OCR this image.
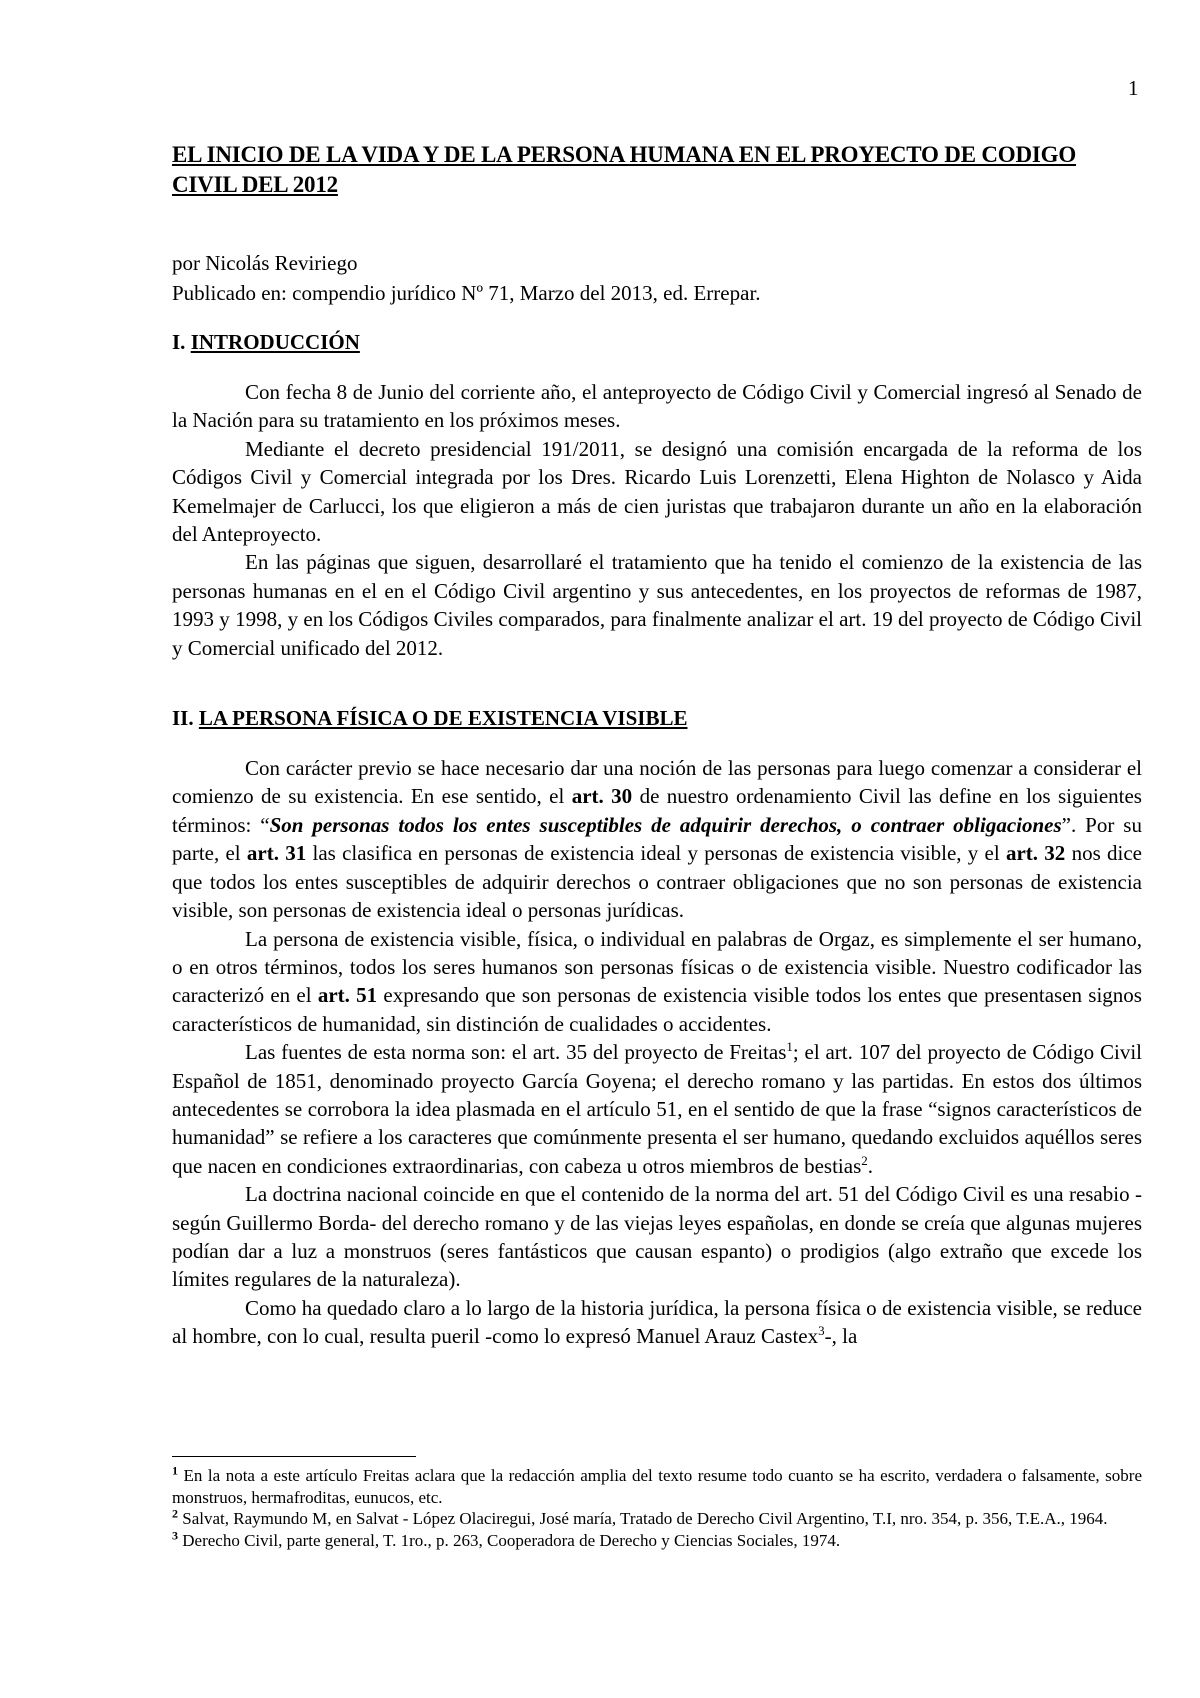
1
EL INICIO DE LA VIDA Y DE LA PERSONA HUMANA EN EL PROYECTO DE CODIGO CIVIL DEL 2012
por Nicolás Reviriego
Publicado en: compendio jurídico Nº 71, Marzo del 2013, ed. Errepar.
I. INTRODUCCIÓN

Con fecha 8 de Junio del corriente año, el anteproyecto de Código Civil y Comercial ingresó al Senado de la Nación para su tratamiento en los próximos meses.

Mediante el decreto presidencial 191/2011, se designó una comisión encargada de la reforma de los Códigos Civil y Comercial integrada por los Dres. Ricardo Luis Lorenzetti, Elena Highton de Nolasco y Aida Kemelmajer de Carlucci, los que eligieron a más de cien juristas que trabajaron durante un año en la elaboración del Anteproyecto.

En las páginas que siguen, desarrollaré el tratamiento que ha tenido el comienzo de la existencia de las personas humanas en el en el Código Civil argentino y sus antecedentes, en los proyectos de reformas de 1987, 1993 y 1998, y en los Códigos Civiles comparados, para finalmente analizar el art. 19 del proyecto de Código Civil y Comercial unificado del 2012.

II. LA PERSONA FÍSICA O DE EXISTENCIA VISIBLE

Con carácter previo se hace necesario dar una noción de las personas para luego comenzar a considerar el comienzo de su existencia. En ese sentido, el art. 30 de nuestro ordenamiento Civil las define en los siguientes términos: “Son personas todos los entes susceptibles de adquirir derechos, o contraer obligaciones”. Por su parte, el art. 31 las clasifica en personas de existencia ideal y personas de existencia visible, y el art. 32 nos dice que todos los entes susceptibles de adquirir derechos o contraer obligaciones que no son personas de existencia visible, son personas de existencia ideal o personas jurídicas.

La persona de existencia visible, física, o individual en palabras de Orgaz, es simplemente el ser humano, o en otros términos, todos los seres humanos son personas físicas o de existencia visible. Nuestro codificador las caracterizó en el art. 51 expresando que son personas de existencia visible todos los entes que presentasen signos característicos de humanidad, sin distinción de cualidades o accidentes.

Las fuentes de esta norma son: el art. 35 del proyecto de Freitas$^1$; el art. 107 del proyecto de Código Civil Español de 1851, denominado proyecto García Goyena; el derecho romano y las partidas. En estos dos últimos antecedentes se corrobora la idea plasmada en el artículo 51, en el sentido de que la frase “signos característicos de humanidad” se refiere a los caracteres que comúnmente presenta el ser humano, quedando excluidos aquéllos seres que nacen en condiciones extraordinarias, con cabeza u otros miembros de bestias$^2$.

La doctrina nacional coincide en que el contenido de la norma del art. 51 del Código Civil es una resabio -según Guillermo Borda- del derecho romano y de las viejas leyes españolas, en donde se creía que algunas mujeres podían dar a luz a monstruos (seres fantásticos que causan espanto) o prodigios (algo extraño que excede los límites regulares de la naturaleza).

Como ha quedado claro a lo largo de la historia jurídica, la persona física o de existencia visible, se reduce al hombre, con lo cual, resulta pueril -como lo expresó Manuel Arauz Castex$^3$-, la

$^1$ En la nota a este artículo Freitas aclara que la redacción amplia del texto resume todo cuanto se ha escrito, verdadera o falsamente, sobre monstruos, hermafroditas, eunucos, etc.
$^2$ Salvat, Raymundo M, en Salvat - López Olaciregui, José maría, Tratado de Derecho Civil Argentino, T.I, nro. 354, p. 356, T.E.A., 1964.
$^3$ Derecho Civil, parte general, T. 1ro., p. 263, Cooperadora de Derecho y Ciencias Sociales, 1974.
